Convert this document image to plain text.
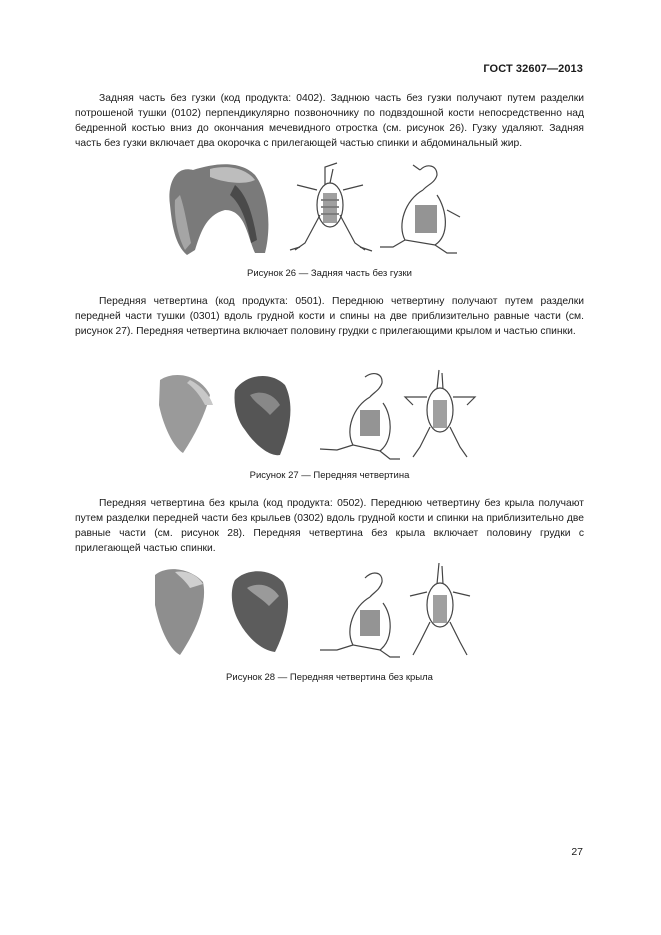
ГОСТ 32607—2013

Задняя часть без гузки (код продукта: 0402). Заднюю часть без гузки получают путем разделки потрошеной тушки (0102) перпендикулярно позвоночнику по подвздошной кости непосредственно над бедренной костью вниз до окончания мечевидного отростка (см. рисунок 26). Гузку удаляют. Задняя часть без гузки включает два окорочка с прилегающей частью спинки и абдоминальный жир.

Рисунок 26 — Задняя часть без гузки

Передняя четвертина (код продукта: 0501). Переднюю четвертину получают путем разделки передней части тушки (0301) вдоль грудной кости и спины на две приблизительно равные части (см. рисунок 27). Передняя четвертина включает половину грудки с прилегающими крылом и частью спинки.

Рисунок 27 — Передняя четвертина

Передняя четвертина без крыла (код продукта: 0502). Переднюю четвертину без крыла получают путем разделки передней части без крыльев (0302) вдоль грудной кости и спинки на приблизительно две равные части (см. рисунок 28). Передняя четвертина без крыла включает половину грудки с прилегающей частью спинки.

Рисунок 28 — Передняя четвертина без крыла

27
